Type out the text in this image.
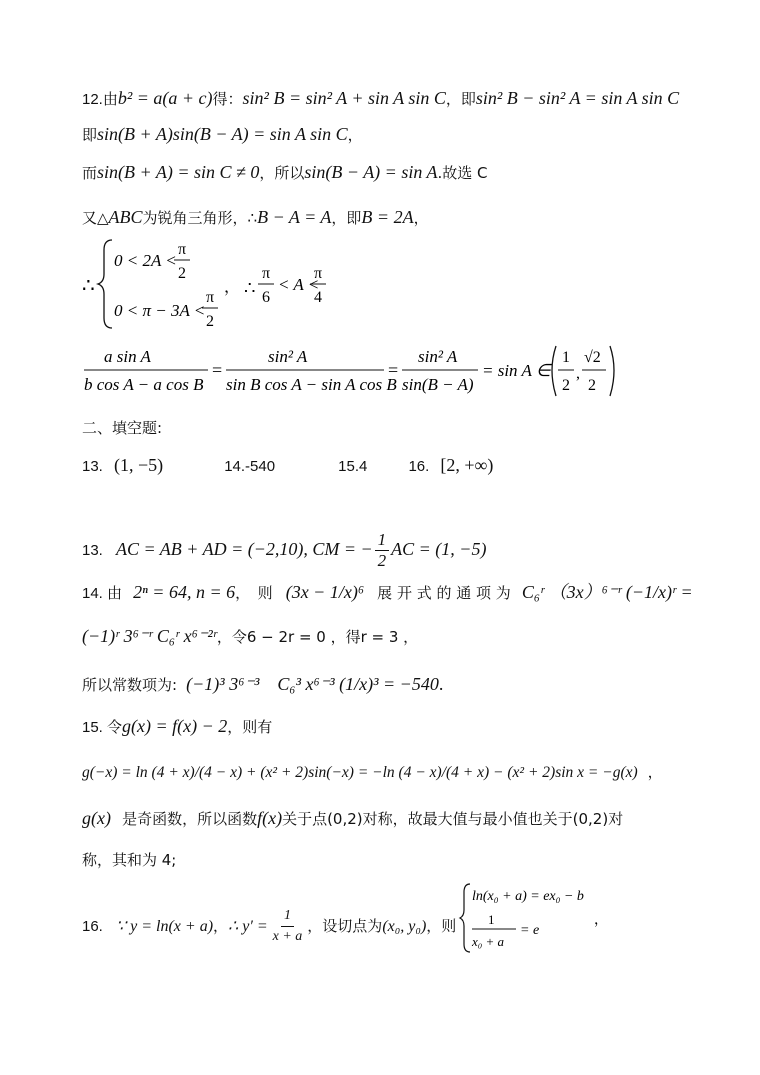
12.由b² = a(a + c)得：sin² B = sin² A + sin A sin C，即sin² B − sin² A = sin A sin C
即sin(B + A)sin(B − A) = sin A sin C，
而sin(B + A) = sin C ≠ 0，所以sin(B − A) = sin A.故选 C
又△ABC为锐角三角形，∴B − A = A，即B = 2A，
∴
0 < 2A <
π
2
0 < π − 3A <
π
2
， ∴
π
6
< A <
π
4
a sin A
b cos A − a cos B
=
sin² A
sin B cos A − sin A cos B
=
sin² A
sin(B − A)
= sin A ∈
1
2
,
√2
2
二、填空题:
13. (1, −5)	14.-540	15.4	16. [2, +∞)
13. AC = AB + AD = (−2,10), CM = − $\frac{1}{2}$ AC = (1, −5)
14. 由 2ⁿ = 64, n = 6，　则 (3x − 1/x)⁶ 展 开 式 的 通 项 为 C₆ʳ （3x）⁶⁻ʳ (−1/x)ʳ =
(−1)ʳ 3⁶⁻ʳ C₆ʳ x⁶⁻²ʳ，令6 − 2r = 0 ，得r = 3 ，
所以常数项为: (−1)³ 3⁶⁻³　C₆³ x⁶⁻³ (1/x)³ = −540.
15. 令g(x) = f(x) − 2，则有
g(−x) = ln (4 + x)/(4 − x) + (x² + 2)sin(−x) = −ln (4 − x)/(4 + x) − (x² + 2)sin x = −g(x) ，
g(x) 是奇函数，所以函数f(x)关于点(0,2)对称，故最大值与最小值也关于(0,2)对
称，其和为 4;
16. ∵ y = ln(x + a)，∴ $y' = \frac{1}{x + a}$ ，设切点为(x₀, y₀)，则
ln(x₀ + a) = ex₀ − b
1
x₀ + a
= e
，
